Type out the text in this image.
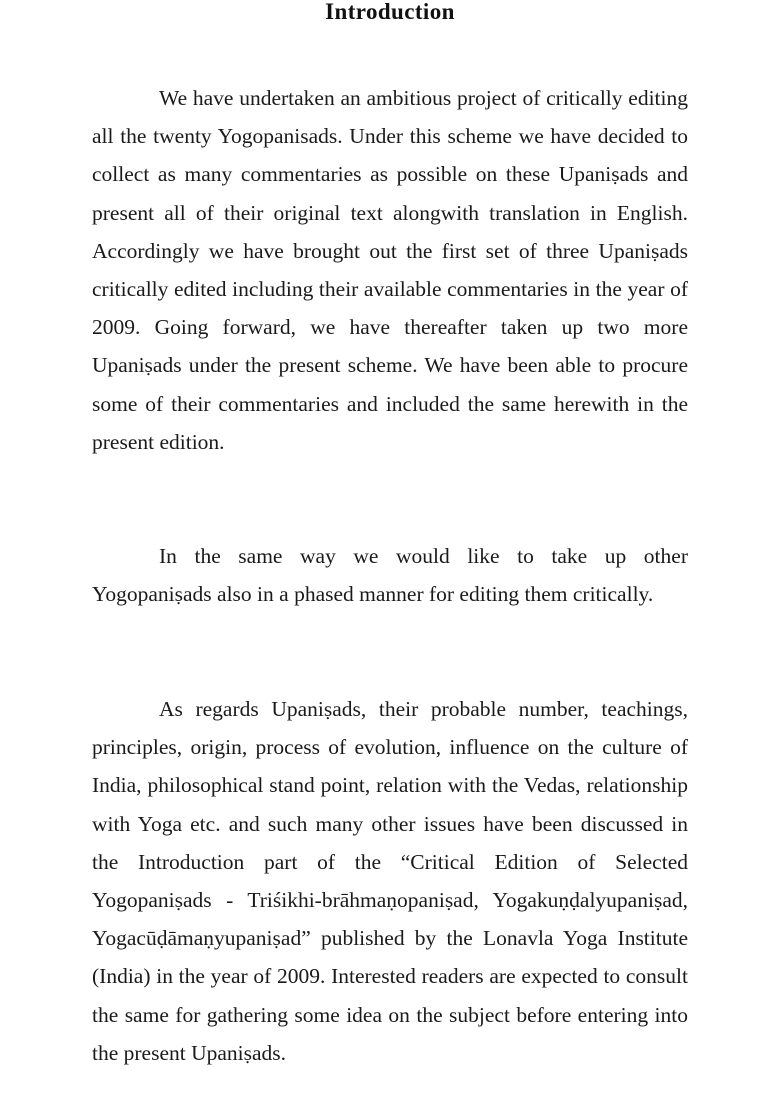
Introduction

We have undertaken an ambitious project of critically editing all the twenty Yogopanisads. Under this scheme we have decided to collect as many commentaries as possible on these Upaniṣads and present all of their original text alongwith translation in English. Accordingly we have brought out the first set of three Upaniṣads critically edited including their available commentaries in the year of 2009. Going forward, we have thereafter taken up two more Upaniṣads under the present scheme. We have been able to procure some of their commentaries and included the same herewith in the present edition.

In the same way we would like to take up other Yogopaniṣads also in a phased manner for editing them critically.

As regards Upaniṣads, their probable number, teachings, principles, origin, process of evolution, influence on the culture of India, philosophical stand point, relation with the Vedas, relationship with Yoga etc. and such many other issues have been discussed in the Introduction part of the “Critical Edition of Selected Yogopaniṣads - Triśikhi-brāhmaṇopaniṣad, Yogakuṇḍalyupaniṣad, Yogacūḍāmaṇyupaniṣad” published by the Lonavla Yoga Institute (India) in the year of 2009. Interested readers are expected to consult the same for gathering some idea on the subject before entering into the present Upaniṣads.
